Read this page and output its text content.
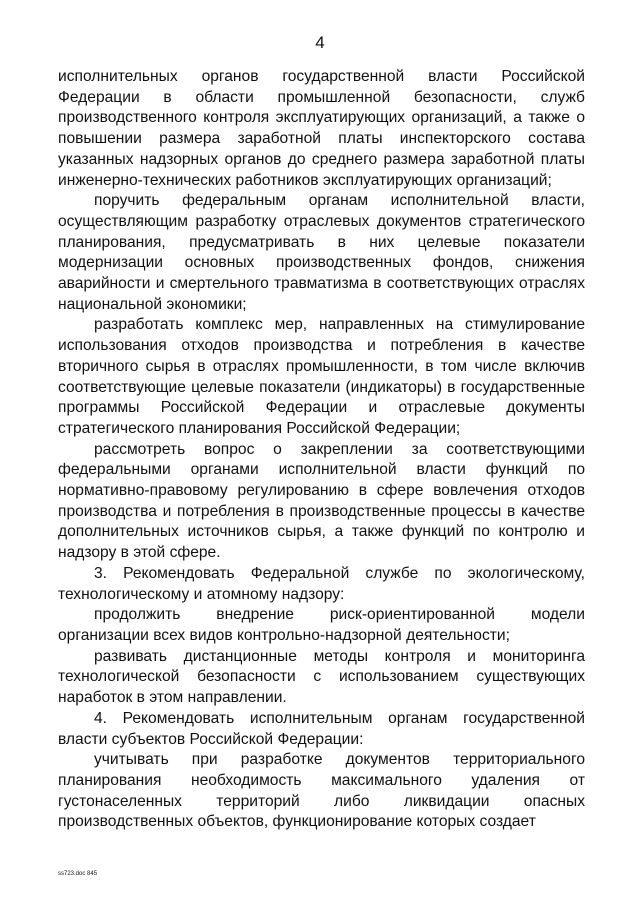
4

исполнительных органов государственной власти Российской Федерации в области промышленной безопасности, служб производственного контроля эксплуатирующих организаций, а также о повышении размера заработной платы инспекторского состава указанных надзорных органов до среднего размера заработной платы инженерно-технических работников эксплуатирующих организаций;

поручить федеральным органам исполнительной власти, осуществляющим разработку отраслевых документов стратегического планирования, предусматривать в них целевые показатели модернизации основных производственных фондов, снижения аварийности и смертельного травматизма в соответствующих отраслях национальной экономики;

разработать комплекс мер, направленных на стимулирование использования отходов производства и потребления в качестве вторичного сырья в отраслях промышленности, в том числе включив соответствующие целевые показатели (индикаторы) в государственные программы Российской Федерации и отраслевые документы стратегического планирования Российской Федерации;

рассмотреть вопрос о закреплении за соответствующими федеральными органами исполнительной власти функций по нормативно-правовому регулированию в сфере вовлечения отходов производства и потребления в производственные процессы в качестве дополнительных источников сырья, а также функций по контролю и надзору в этой сфере.

3. Рекомендовать Федеральной службе по экологическому, технологическому и атомному надзору:

продолжить внедрение риск-ориентированной модели организации всех видов контрольно-надзорной деятельности;

развивать дистанционные методы контроля и мониторинга технологической безопасности с использованием существующих наработок в этом направлении.

4. Рекомендовать исполнительным органам государственной власти субъектов Российской Федерации:

учитывать при разработке документов территориального планирования необходимость максимального удаления от густонаселенных территорий либо ликвидации опасных производственных объектов, функционирование которых создает

ss723.doc 845
